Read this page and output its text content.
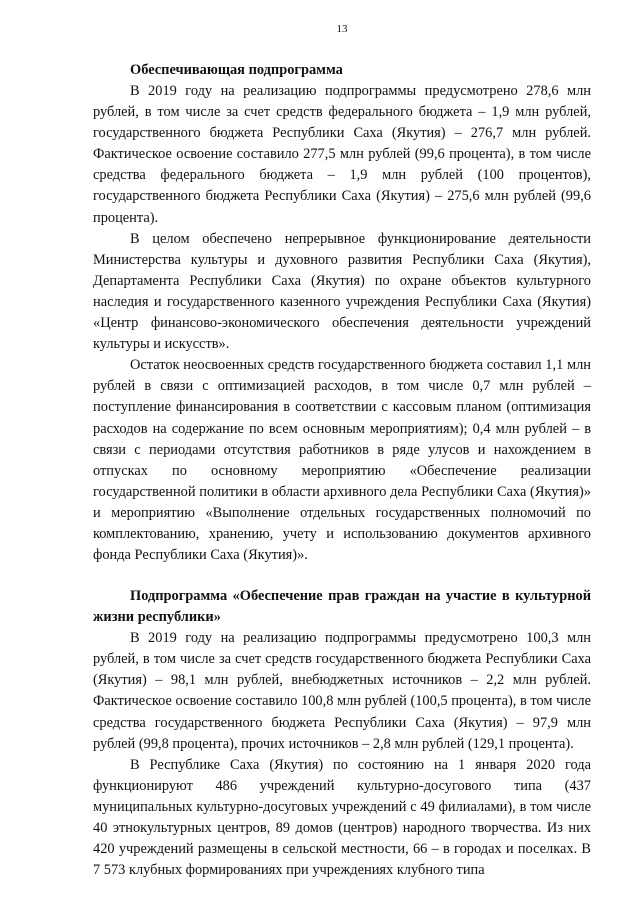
13

Обеспечивающая подпрограмма

В 2019 году на реализацию подпрограммы предусмотрено 278,6 млн рублей, в том числе за счет средств федерального бюджета – 1,9 млн рублей, государственного бюджета Республики Саха (Якутия) – 276,7 млн рублей. Фактическое освоение составило 277,5 млн рублей (99,6 процента), в том числе средства федерального бюджета – 1,9 млн рублей (100 процентов), государственного бюджета Республики Саха (Якутия) – 275,6 млн рублей (99,6 процента).

В целом обеспечено непрерывное функционирование деятельности Министерства культуры и духовного развития Республики Саха (Якутия), Департамента Республики Саха (Якутия) по охране объектов культурного наследия и государственного казенного учреждения Республики Саха (Якутия) «Центр финансово-экономического обеспечения деятельности учреждений культуры и искусств».

Остаток неосвоенных средств государственного бюджета составил 1,1 млн рублей в связи с оптимизацией расходов, в том числе 0,7 млн рублей – поступление финансирования в соответствии с кассовым планом (оптимизация расходов на содержание по всем основным мероприятиям); 0,4 млн рублей – в связи с периодами отсутствия работников в ряде улусов и нахождением в отпусках по основному мероприятию «Обеспечение реализации государственной политики в области архивного дела Республики Саха (Якутия)» и мероприятию «Выполнение отдельных государственных полномочий по комплектованию, хранению, учету и использованию документов архивного фонда Республики Саха (Якутия)».

Подпрограмма «Обеспечение прав граждан на участие в культурной жизни республики»

В 2019 году на реализацию подпрограммы предусмотрено 100,3 млн рублей, в том числе за счет средств государственного бюджета Республики Саха (Якутия) – 98,1 млн рублей, внебюджетных источников – 2,2 млн рублей. Фактическое освоение составило 100,8 млн рублей (100,5 процента), в том числе средства государственного бюджета Республики Саха (Якутия) – 97,9 млн рублей (99,8 процента), прочих источников – 2,8 млн рублей (129,1 процента).

В Республике Саха (Якутия) по состоянию на 1 января 2020 года функционируют 486 учреждений культурно-досугового типа (437 муниципальных культурно-досуговых учреждений с 49 филиалами), в том числе 40 этнокультурных центров, 89 домов (центров) народного творчества. Из них 420 учреждений размещены в сельской местности, 66 – в городах и поселках. В 7 573 клубных формированиях при учреждениях клубного типа
